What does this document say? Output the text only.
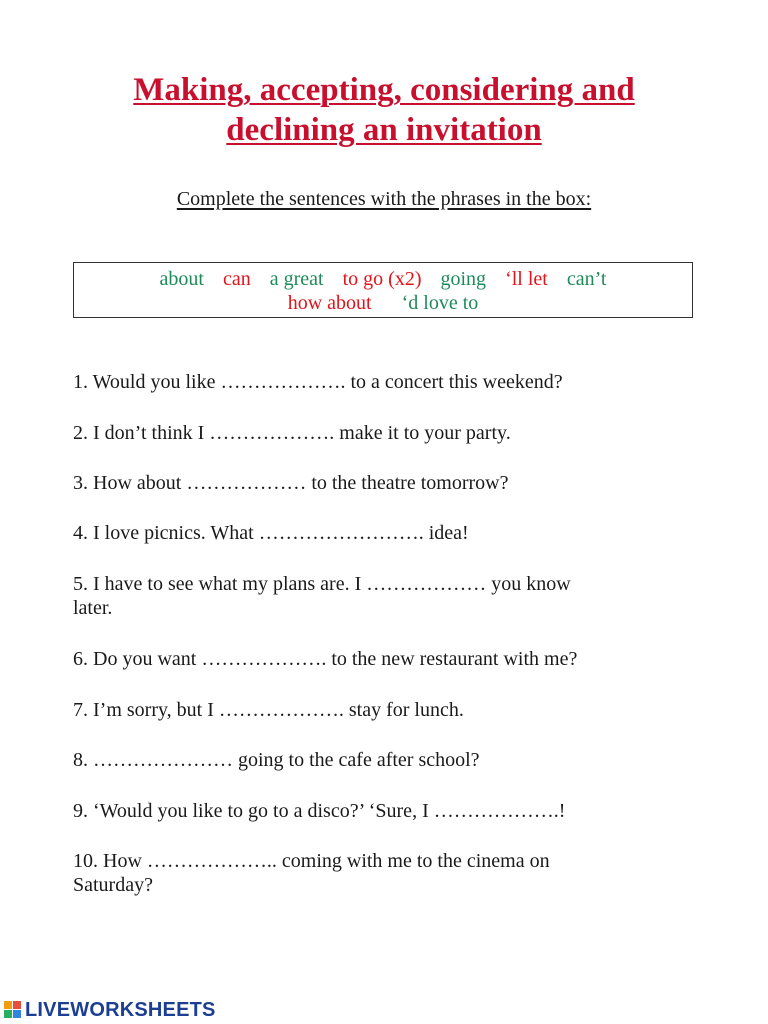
Making, accepting, considering and
declining an invitation
Complete the sentences with the phrases in the box:
about can a great to go (x2) going ‘ll let can’t
how about ‘d love to
1. Would you like ………………. to a concert this weekend?
2. I don’t think I ………………. make it to your party.
3. How about ……………… to the theatre tomorrow?
4. I love picnics. What ……………………. idea!
5. I have to see what my plans are. I ……………… you know
later.
6. Do you want ………………. to the new restaurant with me?
7. I’m sorry, but I ………………. stay for lunch.
8. ………………… going to the cafe after school?
9. ‘Would you like to go to a disco?’ ‘Sure, I ……………….!
10. How ……………….. coming with me to the cinema on
Saturday?
LIVEWORKSHEETS
